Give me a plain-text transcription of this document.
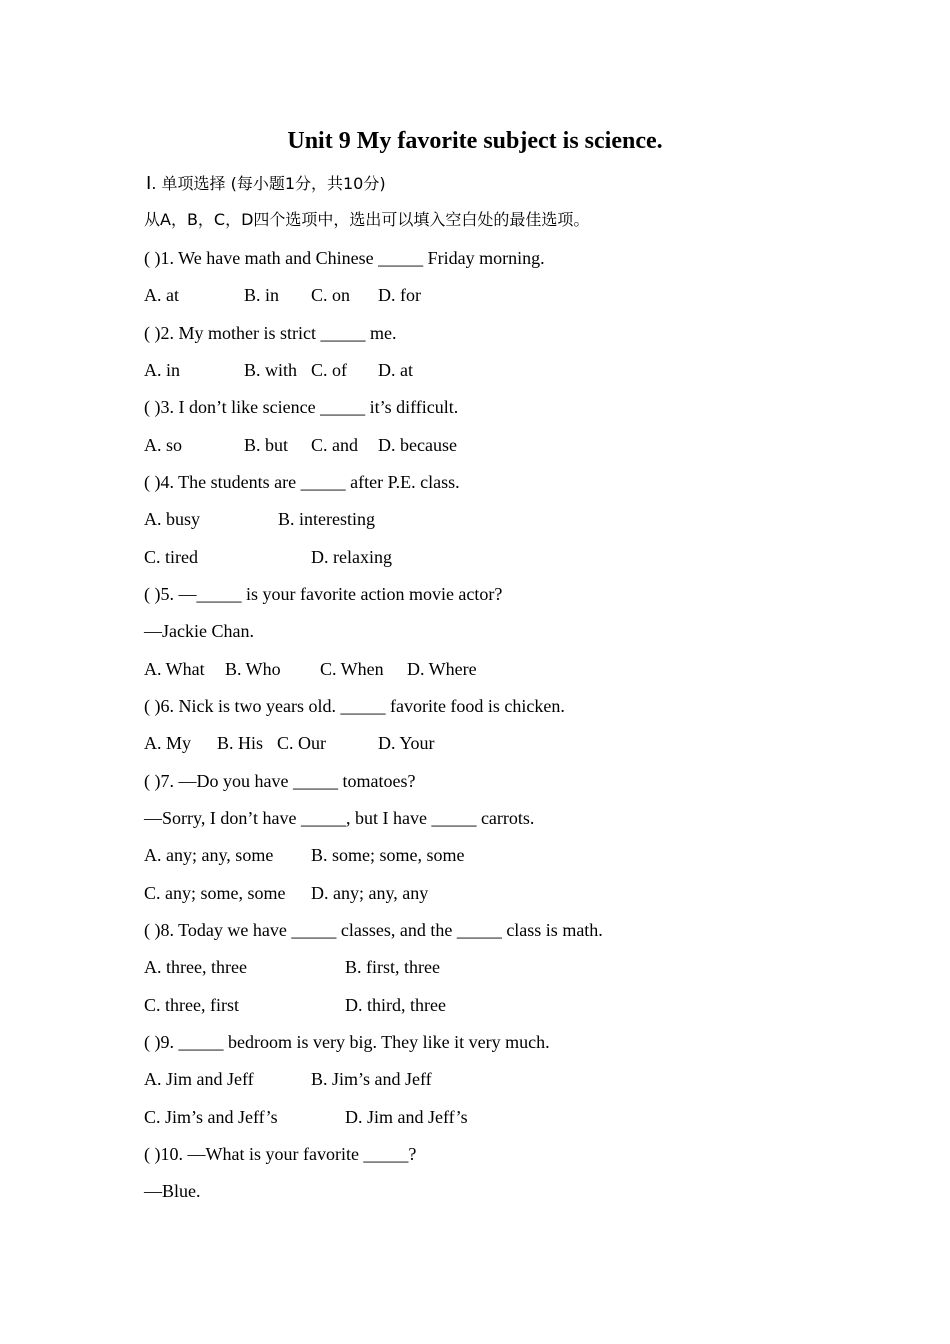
Unit 9 My favorite subject is science.
Ⅰ. 单项选择 (每小题1分，共10分)
从A，B，C，D四个选项中，选出可以填入空白处的最佳选项。
( )1. We have math and Chinese _____ Friday morning.
A. at	B. in C. on D. for
( )2. My mother is strict _____ me.
A. in	B. with C. of D. at
( )3. I don’t like science _____ it’s difficult.
A. so	B. but C. and D. because
( )4. The students are _____ after P.E. class.
A. busy	B. interesting
C. tired	D. relaxing
( )5. —_____ is your favorite action movie actor?
—Jackie Chan.
A. What B. Who C. When D. Where
( )6. Nick is two years old. _____ favorite food is chicken.
A. My B. His C. Our	D. Your
( )7. —Do you have _____ tomatoes?
—Sorry, I don’t have _____, but I have _____ carrots.
A. any; any, some B. some; some, some
C. any; some, some D. any; any, any
( )8. Today we have _____ classes, and the _____ class is math.
A. three, three	B. first, three
C. three, first	D. third, three
( )9. _____ bedroom is very big. They like it very much.
A. Jim and Jeff	B. Jim’s and Jeff
C. Jim’s and Jeff’s	D. Jim and Jeff’s
( )10. —What is your favorite _____?
—Blue.
